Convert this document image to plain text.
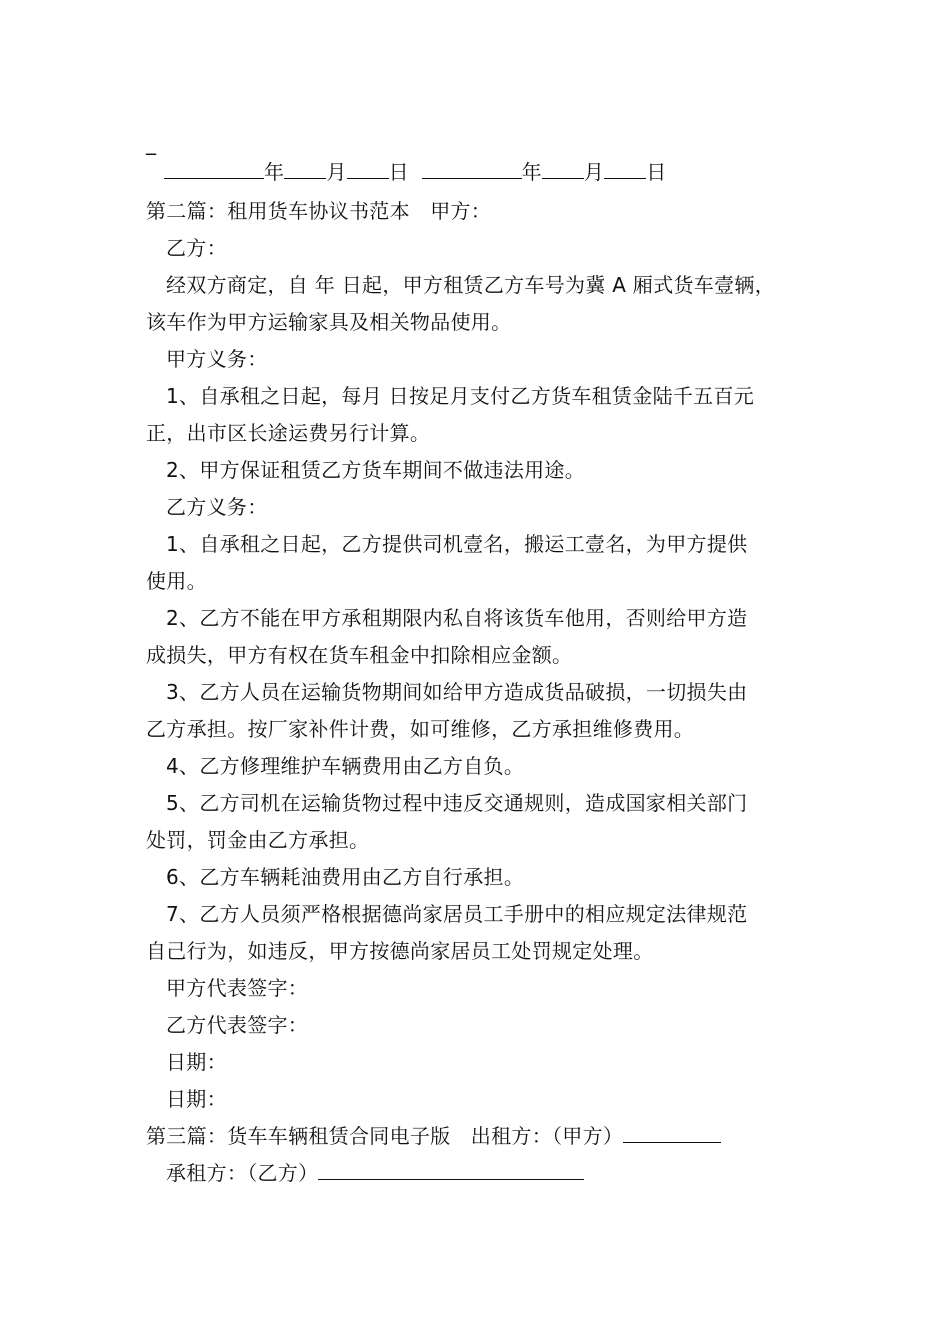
_
年 月 日	年 月 日
第二篇：租用货车协议书范本　甲方：
乙方：
经双方商定，自 年 日起，甲方租赁乙方车号为冀 A 厢式货车壹辆，
该车作为甲方运输家具及相关物品使用。
甲方义务：
1、自承租之日起，每月 日按足月支付乙方货车租赁金陆千五百元
正，出市区长途运费另行计算。
2、甲方保证租赁乙方货车期间不做违法用途。
乙方义务：
1、自承租之日起，乙方提供司机壹名，搬运工壹名，为甲方提供
使用。
2、乙方不能在甲方承租期限内私自将该货车他用，否则给甲方造
成损失，甲方有权在货车租金中扣除相应金额。
3、乙方人员在运输货物期间如给甲方造成货品破损，一切损失由
乙方承担。按厂家补件计费，如可维修，乙方承担维修费用。
4、乙方修理维护车辆费用由乙方自负。
5、乙方司机在运输货物过程中违反交通规则，造成国家相关部门
处罚，罚金由乙方承担。
6、乙方车辆耗油费用由乙方自行承担。
7、乙方人员须严格根据德尚家居员工手册中的相应规定法律规范
自己行为，如违反，甲方按德尚家居员工处罚规定处理。
甲方代表签字：
乙方代表签字：
日期：
日期：
第三篇：货车车辆租赁合同电子版　出租方：（甲方）
承租方：（乙方）
